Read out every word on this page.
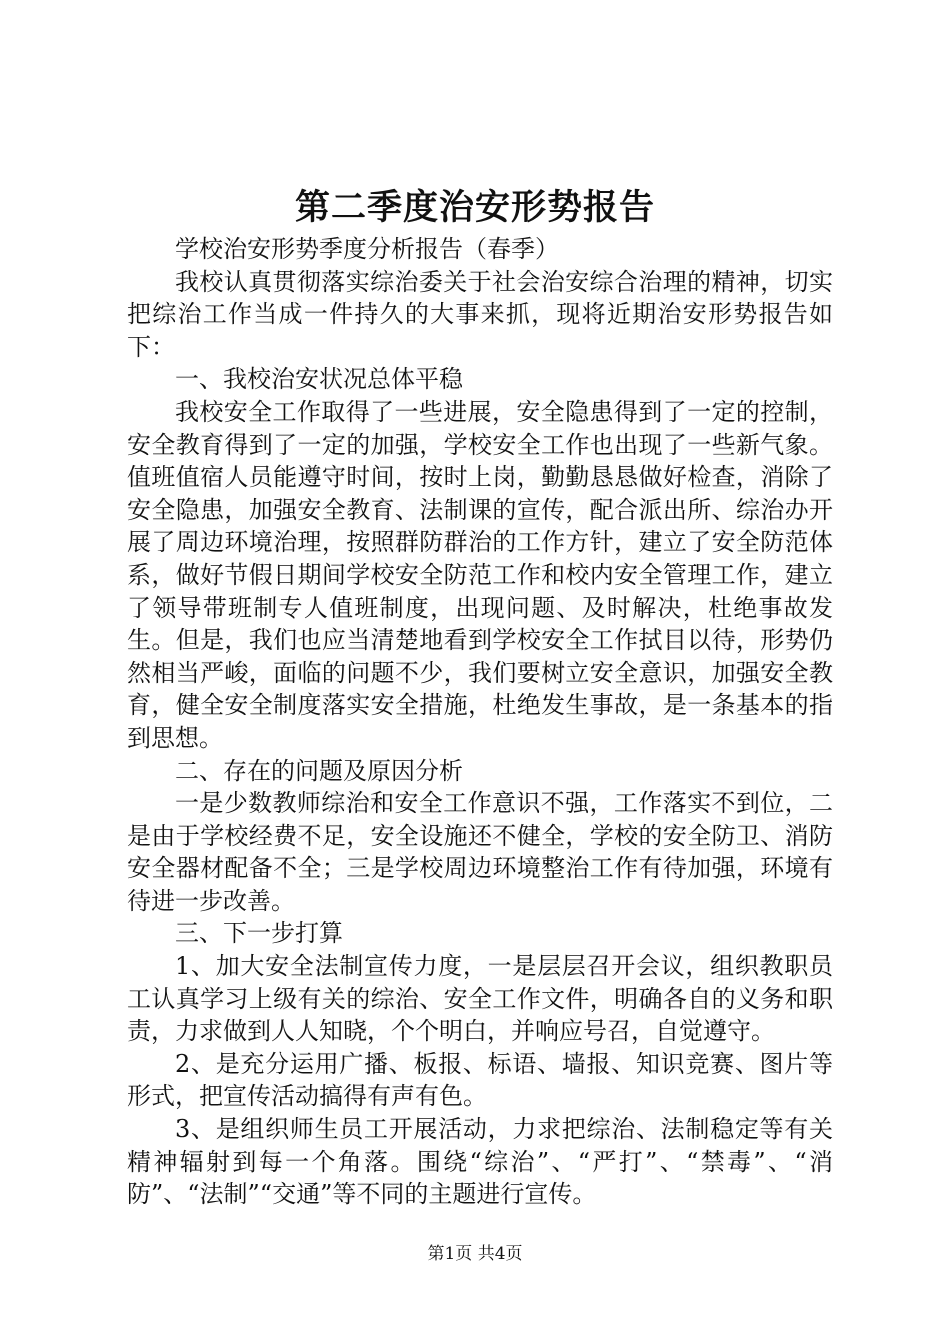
第二季度治安形势报告

学校治安形势季度分析报告（春季）

我校认真贯彻落实综治委关于社会治安综合治理的精神，切实把综治工作当成一件持久的大事来抓，现将近期治安形势报告如下：

一、我校治安状况总体平稳

我校安全工作取得了一些进展，安全隐患得到了一定的控制，安全教育得到了一定的加强，学校安全工作也出现了一些新气象。值班值宿人员能遵守时间，按时上岗，勤勤恳恳做好检查，消除了安全隐患，加强安全教育、法制课的宣传，配合派出所、综治办开展了周边环境治理，按照群防群治的工作方针，建立了安全防范体系，做好节假日期间学校安全防范工作和校内安全管理工作，建立了领导带班制专人值班制度，出现问题、及时解决，杜绝事故发生。但是，我们也应当清楚地看到学校安全工作拭目以待，形势仍然相当严峻，面临的问题不少，我们要树立安全意识，加强安全教育，健全安全制度落实安全措施，杜绝发生事故，是一条基本的指到思想。

二、存在的问题及原因分析

一是少数教师综治和安全工作意识不强，工作落实不到位，二是由于学校经费不足，安全设施还不健全，学校的安全防卫、消防安全器材配备不全；三是学校周边环境整治工作有待加强，环境有待进一步改善。

三、下一步打算

1、加大安全法制宣传力度，一是层层召开会议，组织教职员工认真学习上级有关的综治、安全工作文件，明确各自的义务和职责，力求做到人人知晓，个个明白，并响应号召，自觉遵守。

2、是充分运用广播、板报、标语、墙报、知识竞赛、图片等形式，把宣传活动搞得有声有色。

3、是组织师生员工开展活动，力求把综治、法制稳定等有关精神辐射到每一个角落。围绕“综治”、“严打”、“禁毒”、“消防”、“法制”“交通”等不同的主题进行宣传。

第1页 共4页
